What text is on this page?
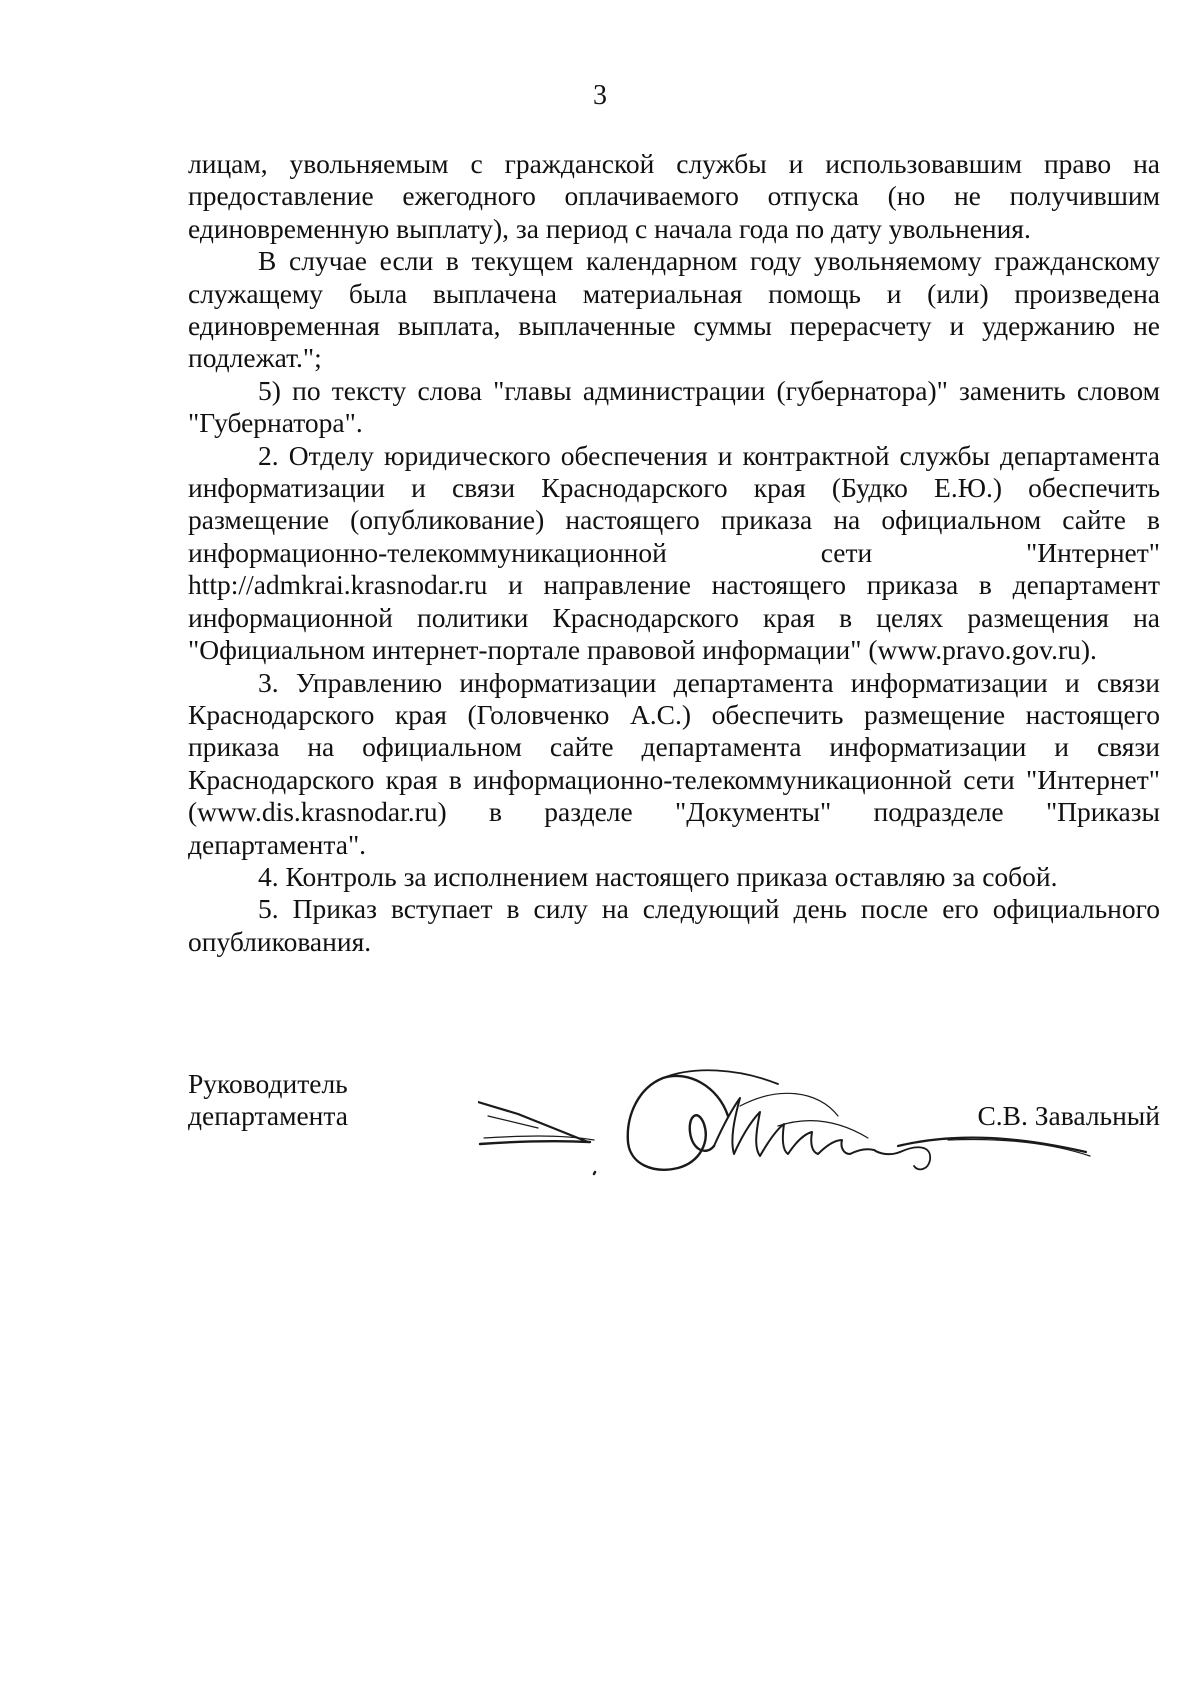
3

лицам, увольняемым с гражданской службы и использовавшим право на предоставление ежегодного оплачиваемого отпуска (но не получившим единовременную выплату), за период с начала года по дату увольнения.

В случае если в текущем календарном году увольняемому гражданскому служащему была выплачена материальная помощь и (или) произведена единовременная выплата, выплаченные суммы перерасчету и удержанию не подлежат.";

5) по тексту слова "главы администрации (губернатора)" заменить словом "Губернатора".

2. Отделу юридического обеспечения и контрактной службы департамента информатизации и связи Краснодарского края (Будко Е.Ю.) обеспечить размещение (опубликование) настоящего приказа на официальном сайте в информационно-телекоммуникационной сети "Интернет" http://admkrai.krasnodar.ru и направление настоящего приказа в департамент информационной политики Краснодарского края в целях размещения на "Официальном интернет-портале правовой информации" (www.pravo.gov.ru).

3. Управлению информатизации департамента информатизации и связи Краснодарского края (Головченко А.С.) обеспечить размещение настоящего приказа на официальном сайте департамента информатизации и связи Краснодарского края в информационно-телекоммуникационной сети "Интернет" (www.dis.krasnodar.ru) в разделе "Документы" подразделе "Приказы департамента".

4. Контроль за исполнением настоящего приказа оставляю за собой.

5. Приказ вступает в силу на следующий день после его официального опубликования.

Руководитель
департамента	С.В. Завальный
